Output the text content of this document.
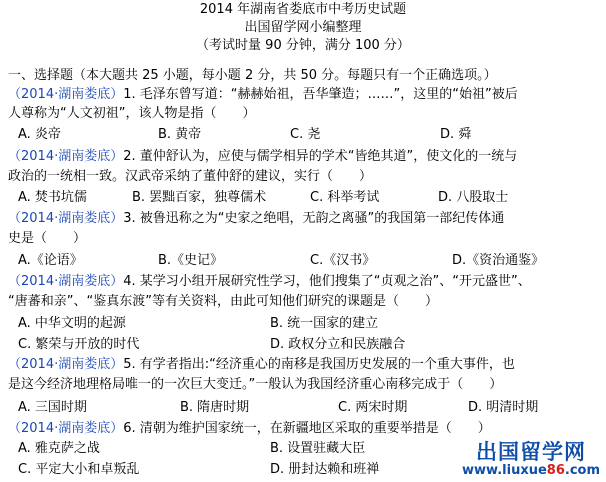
2014 年湖南省娄底市中考历史试题
出国留学网小编整理
（考试时量 90 分钟，满分 100 分）
一、选择题（本大题共 25 小题，每小题 2 分，共 50 分。每题只有一个正确选项。）
（2014·湖南娄底）1. 毛泽东曾写道：“赫赫始祖，吾华肇造；……”，这里的“始祖”被后
人尊称为“人文初祖”，该人物是指（　　）
A. 炎帝	B. 黄帝	C. 尧	D. 舜
（2014·湖南娄底）2. 董仲舒认为，应使与儒学相异的学术“皆绝其道”，使文化的一统与
政治的一统相一致。汉武帝采纳了董仲舒的建议，实行（　　）
A. 焚书坑儒	B. 罢黜百家，独尊儒术	C. 科举考试	D. 八股取士
（2014·湖南娄底）3. 被鲁迅称之为“史家之绝唱，无韵之离骚”的我国第一部纪传体通
史是（　　）
A.《论语》	B.《史记》	C.《汉书》	D.《资治通鉴》
（2014·湖南娄底）4. 某学习小组开展研究性学习，他们搜集了“贞观之治”、“开元盛世”、
“唐蕃和亲”、“鉴真东渡”等有关资料，由此可知他们研究的课题是（　　）
A. 中华文明的起源	B. 统一国家的建立
C. 繁荣与开放的时代	D. 政权分立和民族融合
（2014·湖南娄底）5. 有学者指出:“经济重心的南移是我国历史发展的一个重大事件，也
是这今经济地理格局唯一的一次巨大变迁。”一般认为我国经济重心南移完成于（　　）
A. 三国时期	B. 隋唐时期	C. 两宋时期	D. 明清时期
（2014·湖南娄底）6. 清朝为维护国家统一，在新疆地区采取的重要举措是（　　）
A. 雅克萨之战	B. 设置驻藏大臣
C. 平定大小和卓叛乱	D. 册封达赖和班禅
出国留学网
www.liuxue86.com
